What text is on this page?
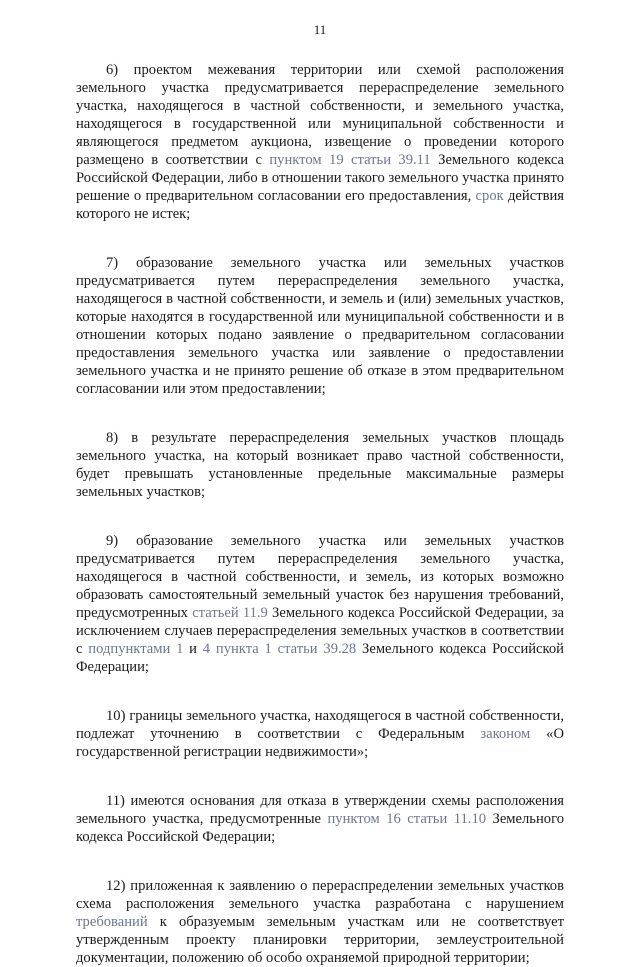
11

6) проектом межевания территории или схемой расположения земельного участка предусматривается перераспределение земельного участка, находящегося в частной собственности, и земельного участка, находящегося в государственной или муниципальной собственности и являющегося предметом аукциона, извещение о проведении которого размещено в соответствии с пунктом 19 статьи 39.11 Земельного кодекса Российской Федерации, либо в отношении такого земельного участка принято решение о предварительном согласовании его предоставления, срок действия которого не истек;

7) образование земельного участка или земельных участков предусматривается путем перераспределения земельного участка, находящегося в частной собственности, и земель и (или) земельных участков, которые находятся в государственной или муниципальной собственности и в отношении которых подано заявление о предварительном согласовании предоставления земельного участка или заявление о предоставлении земельного участка и не принято решение об отказе в этом предварительном согласовании или этом предоставлении;

8) в результате перераспределения земельных участков площадь земельного участка, на который возникает право частной собственности, будет превышать установленные предельные максимальные размеры земельных участков;

9) образование земельного участка или земельных участков предусматривается путем перераспределения земельного участка, находящегося в частной собственности, и земель, из которых возможно образовать самостоятельный земельный участок без нарушения требований, предусмотренных статьей 11.9 Земельного кодекса Российской Федерации, за исключением случаев перераспределения земельных участков в соответствии с подпунктами 1 и 4 пункта 1 статьи 39.28 Земельного кодекса Российской Федерации;

10) границы земельного участка, находящегося в частной собственности, подлежат уточнению в соответствии с Федеральным законом «О государственной регистрации недвижимости»;

11) имеются основания для отказа в утверждении схемы расположения земельного участка, предусмотренные пунктом 16 статьи 11.10 Земельного кодекса Российской Федерации;

12) приложенная к заявлению о перераспределении земельных участков схема расположения земельного участка разработана с нарушением требований к образуемым земельным участкам или не соответствует утвержденным проекту планировки территории, землеустроительной документации, положению об особо охраняемой природной территории;
